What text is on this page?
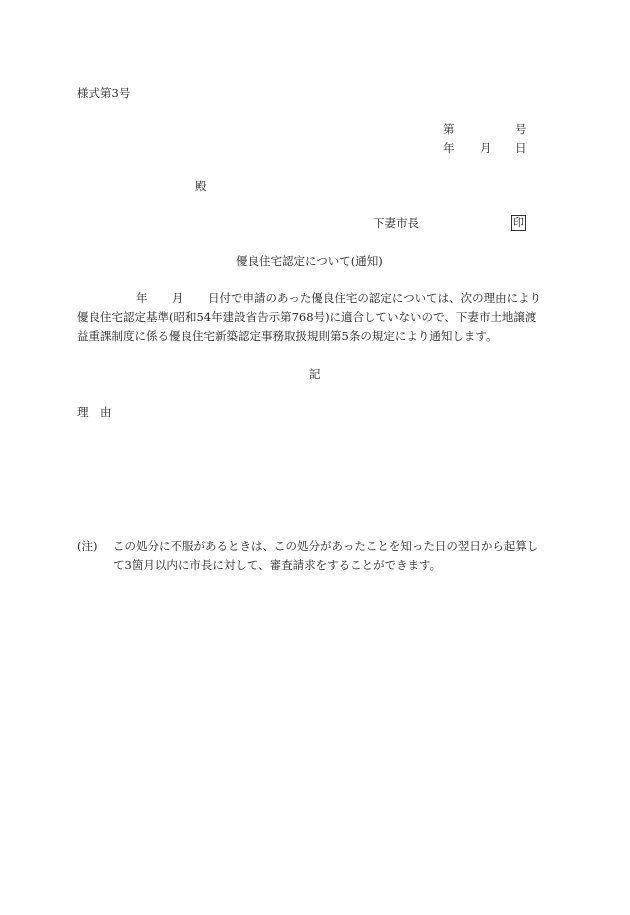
様式第3号
第	号
年 月 日
殿
下妻市長	印
優良住宅認定について(通知)
年 月 日付で申請のあった優良住宅の認定については、次の理由により
優良住宅認定基準(昭和54年建設省告示第768号)に適合していないので、下妻市土地譲渡
益重課制度に係る優良住宅新築認定事務取扱規則第5条の規定により通知します。
記
理　由
(注) この処分に不服があるときは、この処分があったことを知った日の翌日から起算し
て3箇月以内に市長に対して、審査請求をすることができます。
